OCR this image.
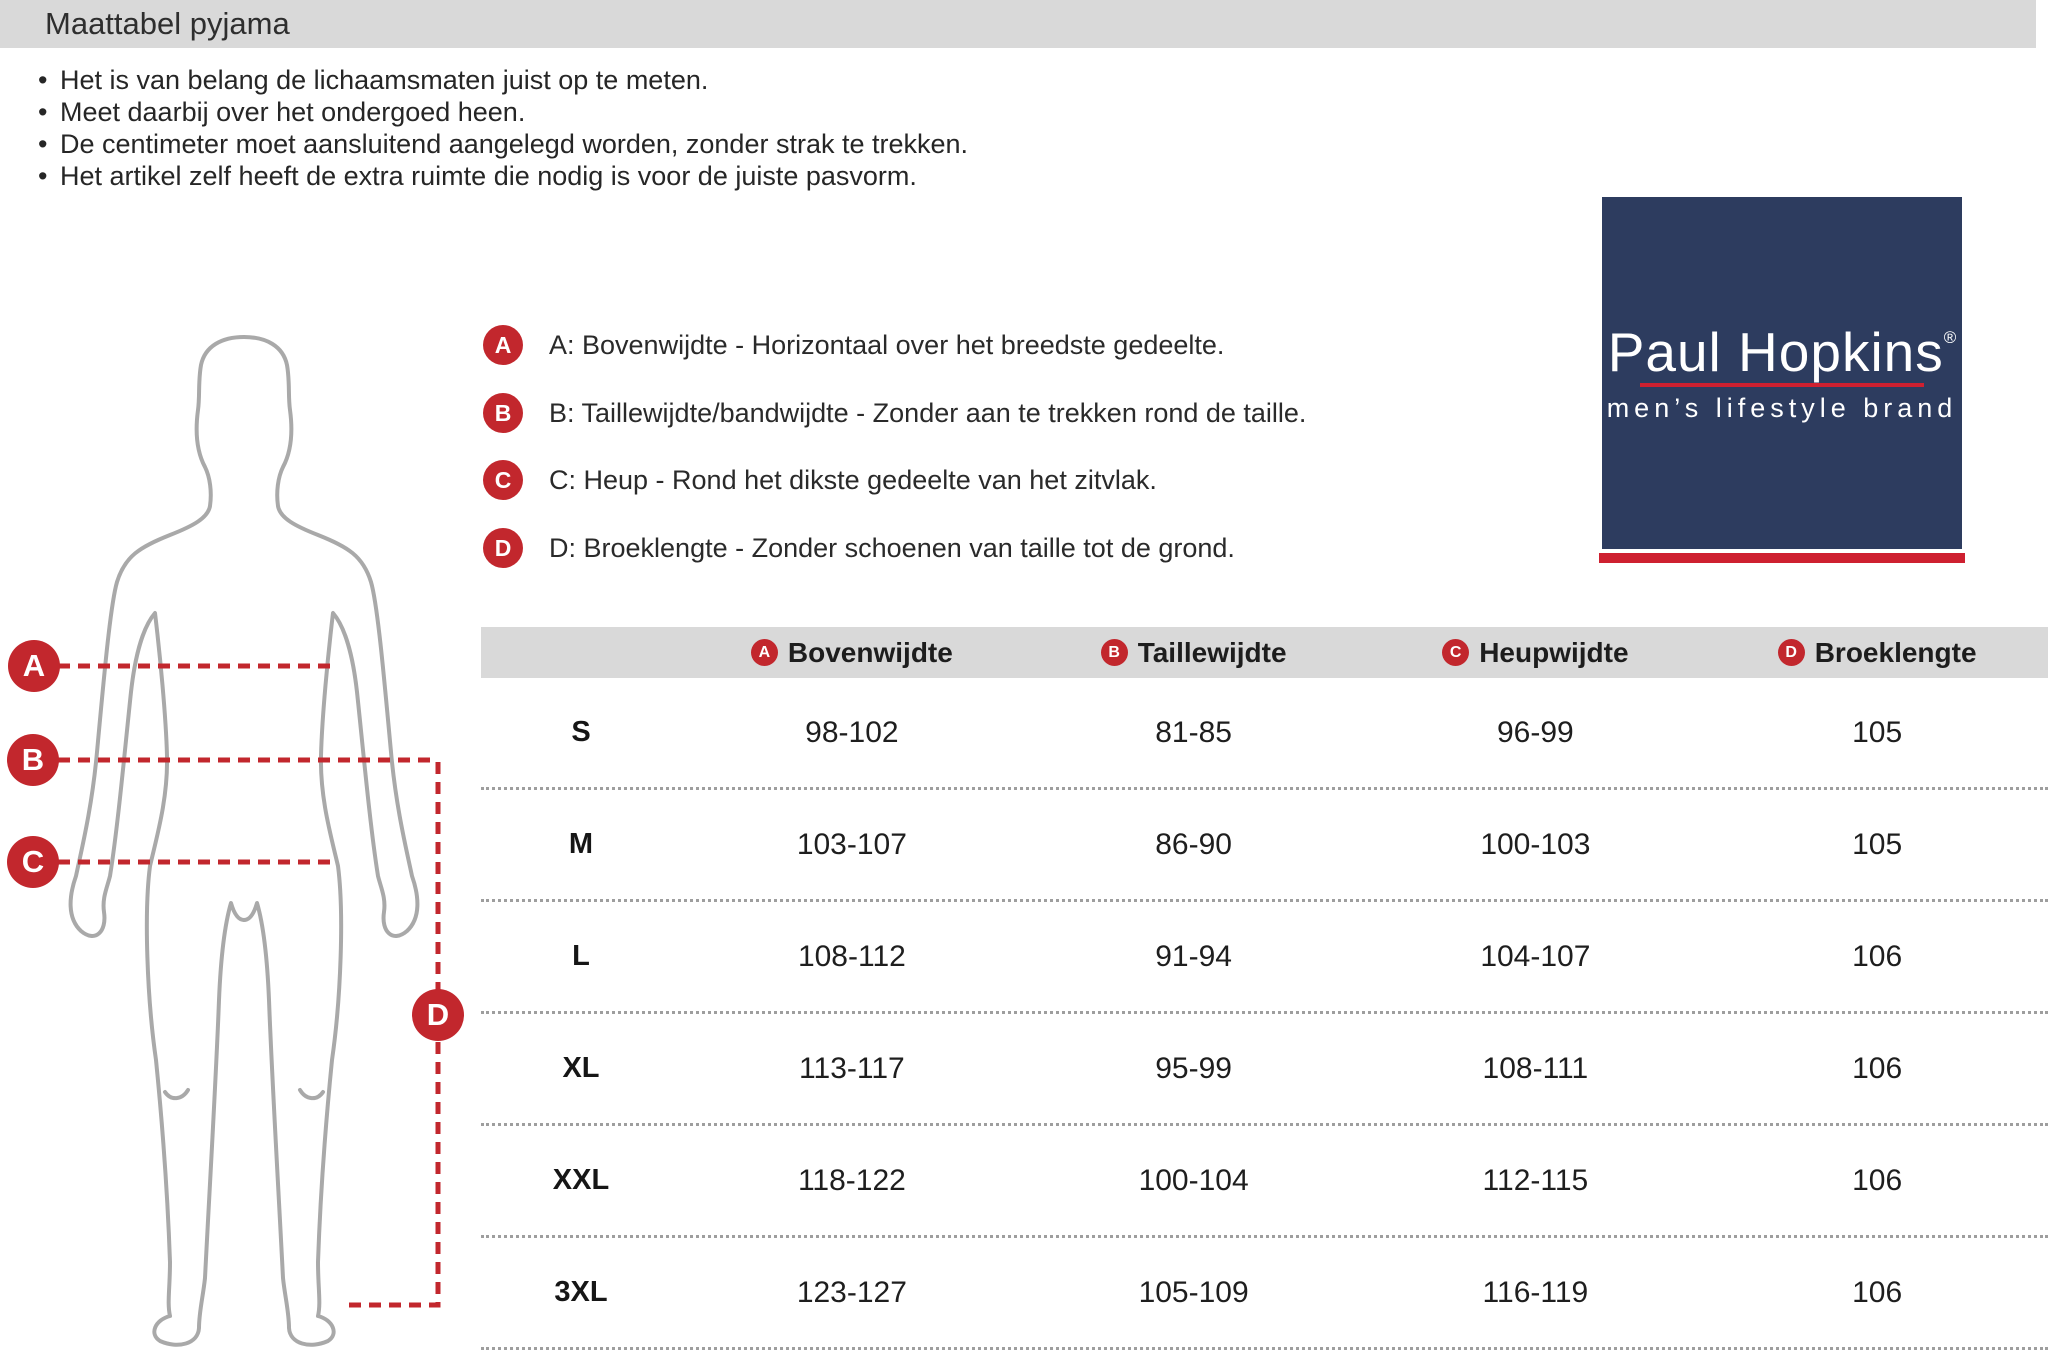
Maattabel pyjama
• Het is van belang de lichaamsmaten juist op te meten.
• Meet daarbij over het ondergoed heen.
• De centimeter moet aansluitend aangelegd worden, zonder strak te trekken.
• Het artikel zelf heeft de extra ruimte die nodig is voor de juiste pasvorm.
A
B
C
D
A	A: Bovenwijdte - Horizontaal over het breedste gedeelte.
B	B: Taillewijdte/bandwijdte - Zonder aan te trekken rond de taille.
C	C: Heup - Rond het dikste gedeelte van het zitvlak.
D	D: Broeklengte - Zonder schoenen van taille tot de grond.
Paul Hopkins®
men’s lifestyle brand
A Bovenwijdte	B Taillewijdte	C Heupwijdte	D Broeklengte
S	98-102	81-85	96-99	105
M	103-107	86-90	100-103	105
L	108-112	91-94	104-107	106
XL	113-117	95-99	108-111	106
XXL	118-122	100-104	112-115	106
3XL	123-127	105-109	116-119	106
